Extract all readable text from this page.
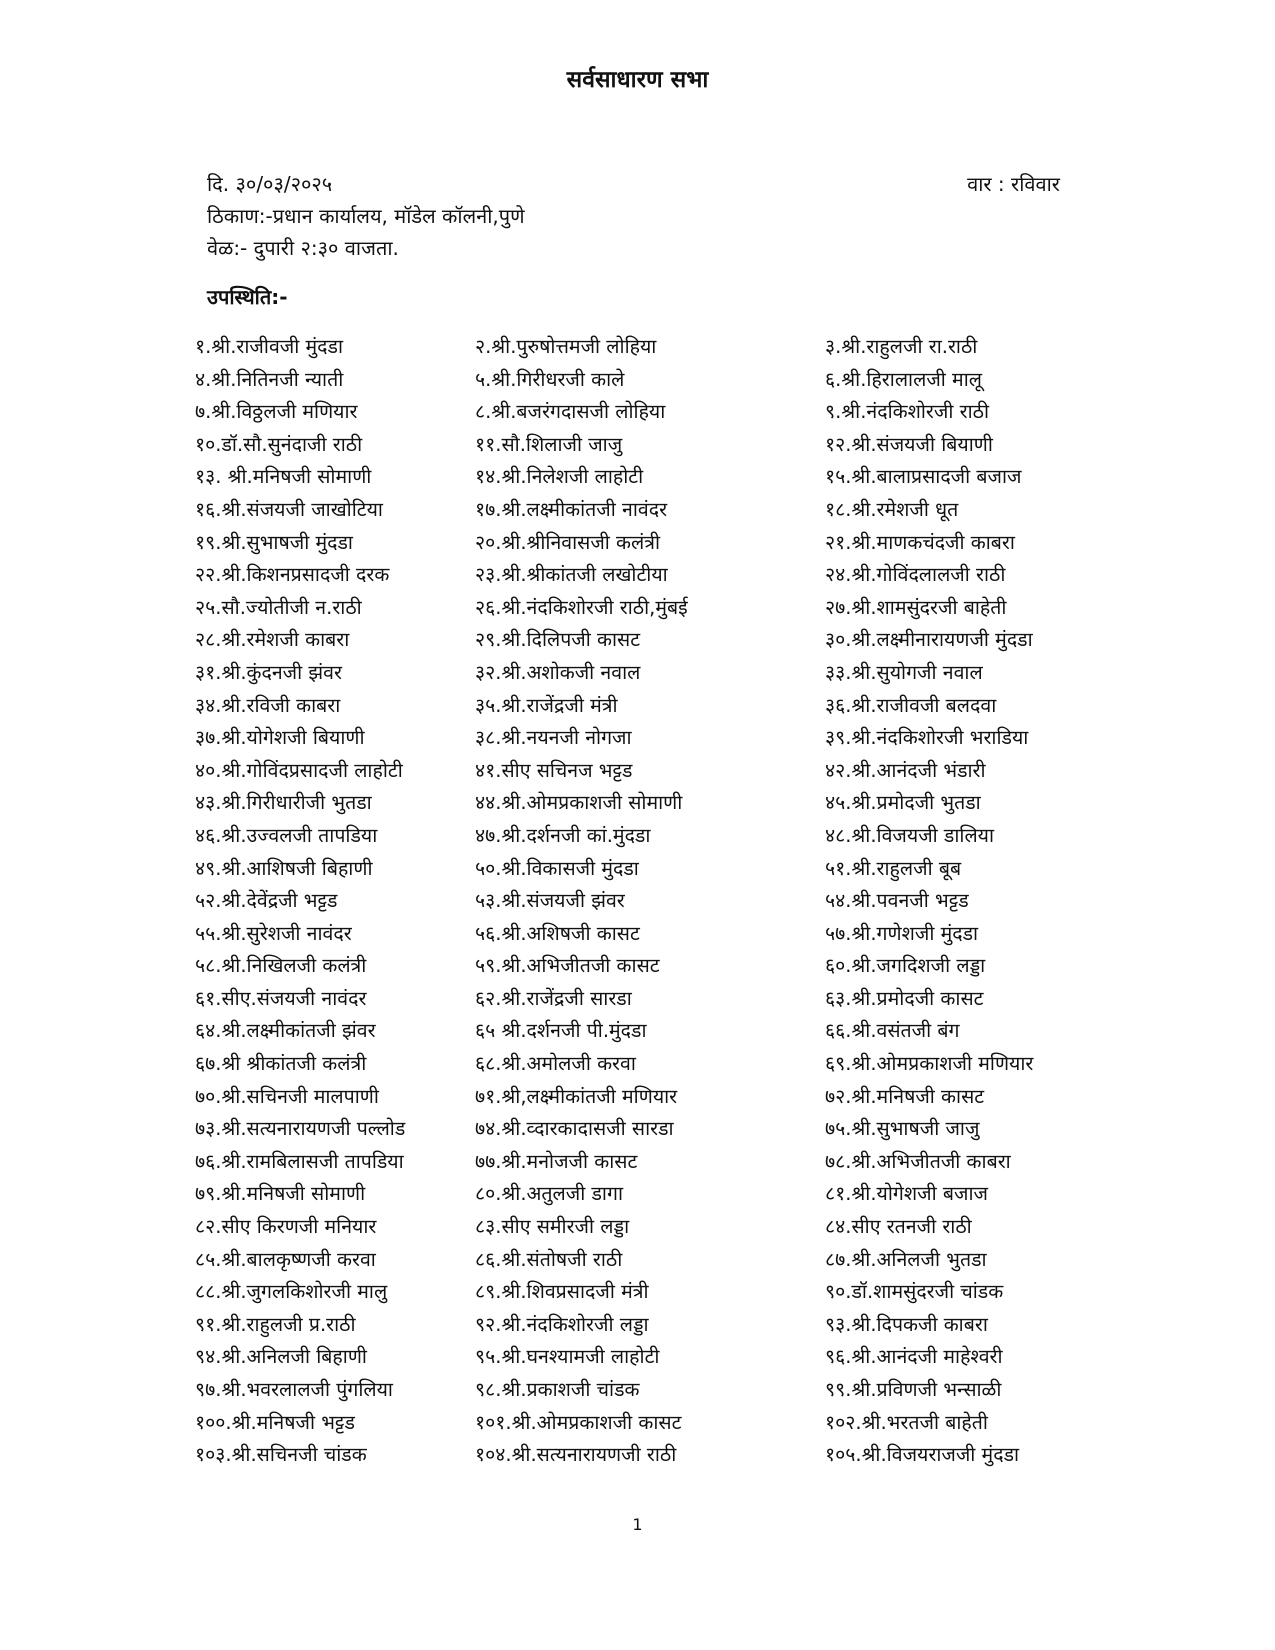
सर्वसाधारण सभा
दि. ३०/०३/२०२५	वार : रविवार
ठिकाण:-प्रधान कार्यालय, मॉडेल कॉलनी,पुणे
वेळ:- दुपारी २:३० वाजता.
उपस्थिति:-
१.श्री.राजीवजी मुंदडा	२.श्री.पुरुषोत्तमजी लोहिया	३.श्री.राहुलजी रा.राठी
४.श्री.नितिनजी न्याती	५.श्री.गिरीधरजी काले	६.श्री.हिरालालजी मालू
७.श्री.विठ्ठलजी मणियार	८.श्री.बजरंगदासजी लोहिया	९.श्री.नंदकिशोरजी राठी
१०.डॉ.सौ.सुनंदाजी राठी	११.सौ.शिलाजी जाजु	१२.श्री.संजयजी बियाणी
१३. श्री.मनिषजी सोमाणी	१४.श्री.निलेशजी लाहोटी	१५.श्री.बालाप्रसादजी बजाज
१६.श्री.संजयजी जाखोटिया	१७.श्री.लक्ष्मीकांतजी नावंदर	१८.श्री.रमेशजी धूत
१९.श्री.सुभाषजी मुंदडा	२०.श्री.श्रीनिवासजी कलंत्री	२१.श्री.माणकचंदजी काबरा
२२.श्री.किशनप्रसादजी दरक	२३.श्री.श्रीकांतजी लखोटीया	२४.श्री.गोविंदलालजी राठी
२५.सौ.ज्योतीजी न.राठी	२६.श्री.नंदकिशोरजी राठी,मुंबई	२७.श्री.शामसुंदरजी बाहेती
२८.श्री.रमेशजी काबरा	२९.श्री.दिलिपजी कासट	३०.श्री.लक्ष्मीनारायणजी मुंदडा
३१.श्री.कुंदनजी झंवर	३२.श्री.अशोकजी नवाल	३३.श्री.सुयोगजी नवाल
३४.श्री.रविजी काबरा	३५.श्री.राजेंद्रजी मंत्री	३६.श्री.राजीवजी बलदवा
३७.श्री.योगेशजी बियाणी	३८.श्री.नयनजी नोगजा	३९.श्री.नंदकिशोरजी भराडिया
४०.श्री.गोविंदप्रसादजी लाहोटी	४१.सीए सचिनज भट्टड	४२.श्री.आनंदजी भंडारी
४३.श्री.गिरीधारीजी भुतडा	४४.श्री.ओमप्रकाशजी सोमाणी	४५.श्री.प्रमोदजी भुतडा
४६.श्री.उज्वलजी तापडिया	४७.श्री.दर्शनजी कां.मुंदडा	४८.श्री.विजयजी डालिया
४९.श्री.आशिषजी बिहाणी	५०.श्री.विकासजी मुंदडा	५१.श्री.राहुलजी बूब
५२.श्री.देवेंद्रजी भट्टड	५३.श्री.संजयजी झंवर	५४.श्री.पवनजी भट्टड
५५.श्री.सुरेशजी नावंदर	५६.श्री.अशिषजी कासट	५७.श्री.गणेशजी मुंदडा
५८.श्री.निखिलजी कलंत्री	५९.श्री.अभिजीतजी कासट	६०.श्री.जगदिशजी लड्डा
६१.सीए.संजयजी नावंदर	६२.श्री.राजेंद्रजी सारडा	६३.श्री.प्रमोदजी कासट
६४.श्री.लक्ष्मीकांतजी झंवर	६५ श्री.दर्शनजी पी.मुंदडा	६६.श्री.वसंतजी बंग
६७.श्री श्रीकांतजी कलंत्री	६८.श्री.अमोलजी करवा	६९.श्री.ओमप्रकाशजी मणियार
७०.श्री.सचिनजी मालपाणी	७१.श्री,लक्ष्मीकांतजी मणियार	७२.श्री.मनिषजी कासट
७३.श्री.सत्यनारायणजी पल्लोड	७४.श्री.व्दारकादासजी सारडा	७५.श्री.सुभाषजी जाजु
७६.श्री.रामबिलासजी तापडिया	७७.श्री.मनोजजी कासट	७८.श्री.अभिजीतजी काबरा
७९.श्री.मनिषजी सोमाणी	८०.श्री.अतुलजी डागा	८१.श्री.योगेशजी बजाज
८२.सीए किरणजी मनियार	८३.सीए समीरजी लड्डा	८४.सीए रतनजी राठी
८५.श्री.बालकृष्णजी करवा	८६.श्री.संतोषजी राठी	८७.श्री.अनिलजी भुतडा
८८.श्री.जुगलकिशोरजी मालु	८९.श्री.शिवप्रसादजी मंत्री	९०.डॉ.शामसुंदरजी चांडक
९१.श्री.राहुलजी प्र.राठी	९२.श्री.नंदकिशोरजी लड्डा	९३.श्री.दिपकजी काबरा
९४.श्री.अनिलजी बिहाणी	९५.श्री.घनश्यामजी लाहोटी	९६.श्री.आनंदजी माहेश्वरी
९७.श्री.भवरलालजी पुंगलिया	९८.श्री.प्रकाशजी चांडक	९९.श्री.प्रविणजी भन्साळी
१००.श्री.मनिषजी भट्टड	१०१.श्री.ओमप्रकाशजी कासट	१०२.श्री.भरतजी बाहेती
१०३.श्री.सचिनजी चांडक	१०४.श्री.सत्यनारायणजी राठी	१०५.श्री.विजयराजजी मुंदडा
1
